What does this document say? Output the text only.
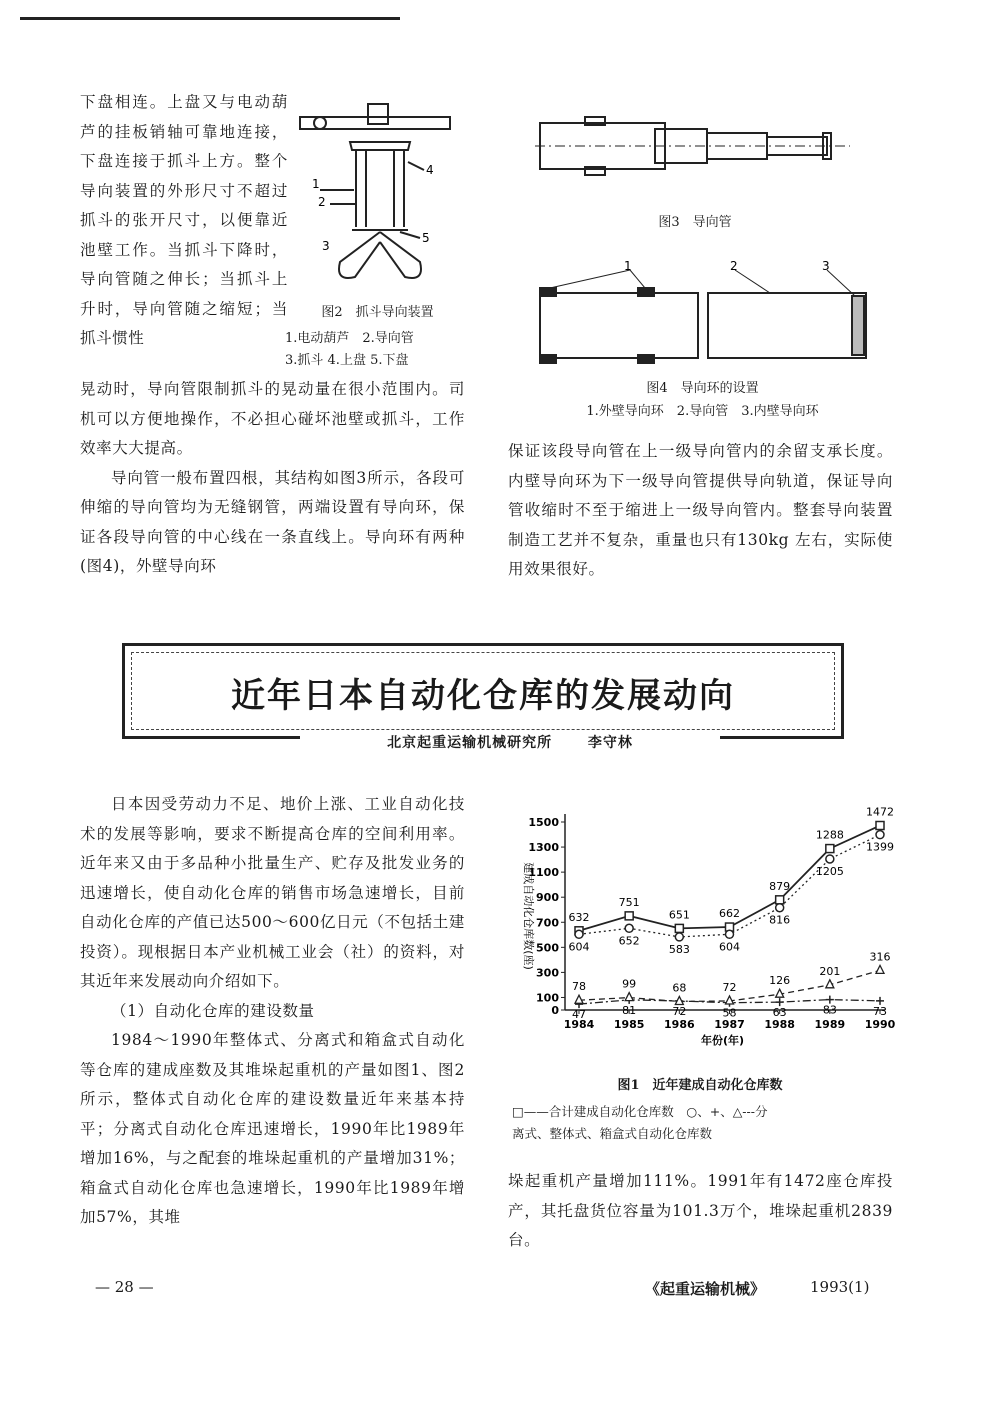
下盘相连。上盘又与电动葫芦的挂板销轴可靠地连接，下盘连接于抓斗上方。整个导向装置的外形尺寸不超过抓斗的张开尺寸，以便靠近池壁工作。当抓斗下降时，导向管随之伸长；当抓斗上升时，导向管随之缩短；当抓斗惯性

1
2
3
4
5
图2　抓斗导向装置
1.电动葫芦　2.导向管
3.抓斗 4.上盘 5.下盘

晃动时，导向管限制抓斗的晃动量在很小范围内。司机可以方便地操作，不必担心碰坏池壁或抓斗，工作效率大大提高。

导向管一般布置四根，其结构如图3所示，各段可伸缩的导向管均为无缝钢管，两端设置有导向环，保证各段导向管的中心线在一条直线上。导向环有两种(图4)，外壁导向环

图3　导向管
1	2	3
图4　导向环的设置
1.外壁导向环　2.导向管　3.内壁导向环

保证该段导向管在上一级导向管内的余留支承长度。内壁导向环为下一级导向管提供导向轨道，保证导向管收缩时不至于缩进上一级导向管内。整套导向装置制造工艺并不复杂，重量也只有130kg 左右，实际使用效果很好。

近年日本自动化仓库的发展动向
北京起重运输机械研究所	李守林

日本因受劳动力不足、地价上涨、工业自动化技术的发展等影响，要求不断提高仓库的空间利用率。近年来又由于多品种小批量生产、贮存及批发业务的迅速增长，使自动化仓库的销售市场急速增长，目前自动化仓库的产值已达500～600亿日元（不包括土建投资）。现根据日本产业机械工业会（社）的资料，对其近年来发展动向介绍如下。

（1）自动化仓库的建设数量

1984～1990年整体式、分离式和箱盒式自动化等仓库的建成座数及其堆垛起重机的产量如图1、图2所示，整体式自动化仓库的建设数量近年来基本持平；分离式自动化仓库迅速增长，1990年比1989年增加16%，与之配套的堆垛起重机的产量增加31%；箱盒式自动化仓库也急速增长，1990年比1989年增加57%，其堆

0
100
300
500
700
900
1100
1300
1500
1984 1985 1986 1987 1988 1989 1990
年份(年)
建成自动化仓库数(座)	632
751
651	662
879
1288
1472
604	652
583	604
816
1205
1399
47	81	72	58	63	83	73
78	99	68	72
126
201
316
图1　近年建成自动化仓库数
□——合计建成自动化仓库数　○、+、△---分
离式、整体式、箱盒式自动化仓库数

垛起重机产量增加111%。1991年有1472座仓库投产，其托盘货位容量为101.3万个，堆垛起重机2839台。

— 28 —	《起重运输机械》	1993(1)
